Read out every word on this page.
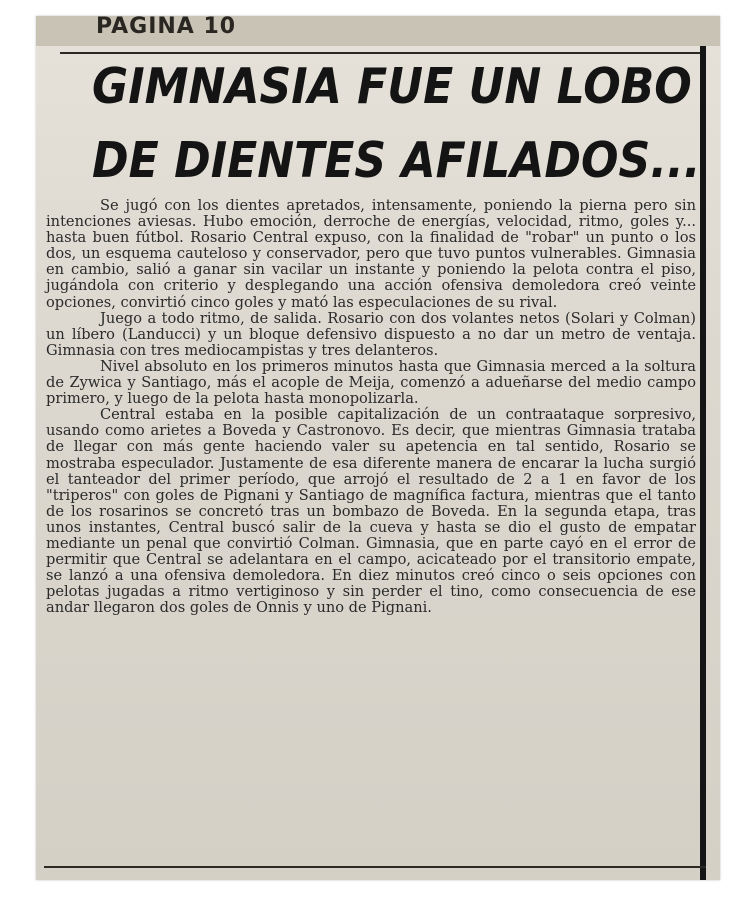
PAGINA 10
GIMNASIA FUE UN LOBO
DE DIENTES AFILADOS...

Se jugó con los dientes apretados, intensamente, poniendo la pierna pero sin intenciones aviesas. Hubo emoción, derroche de energías, velocidad, ritmo, goles y... hasta buen fútbol. Rosario Central expuso, con la finalidad de "robar" un punto o los dos, un esquema cauteloso y conservador, pero que tuvo puntos vulnerables. Gimnasia en cambio, salió a ganar sin vacilar un instante y poniendo la pelota contra el piso, jugándola con criterio y desplegando una acción ofensiva demoledora creó veinte opciones, convirtió cinco goles y mató las especulaciones de su rival.

Juego a todo ritmo, de salida. Rosario con dos volantes netos (Solari y Colman) un líbero (Landucci) y un bloque defensivo dispuesto a no dar un metro de ventaja. Gimnasia con tres mediocampistas y tres delanteros.

Nivel absoluto en los primeros minutos hasta que Gimnasia merced a la soltura de Zywica y Santiago, más el acople de Meija, comenzó a adueñarse del medio campo primero, y luego de la pelota hasta monopolizarla.

Central estaba en la posible capitalización de un contraataque sorpresivo, usando como arietes a Boveda y Castronovo. Es decir, que mientras Gimnasia trataba de llegar con más gente haciendo valer su apetencia en tal sentido, Rosario se mostraba especulador. Justamente de esa diferente manera de encarar la lucha surgió el tanteador del primer período, que arrojó el resultado de 2 a 1 en favor de los "triperos" con goles de Pignani y Santiago de magnífica factura, mientras que el tanto de los rosarinos se concretó tras un bombazo de Boveda. En la segunda etapa, tras unos instantes, Central buscó salir de la cueva y hasta se dio el gusto de empatar mediante un penal que convirtió Colman. Gimnasia, que en parte cayó en el error de permitir que Central se adelantara en el campo, acicateado por el transitorio empate, se lanzó a una ofensiva demoledora. En diez minutos creó cinco o seis opciones con pelotas jugadas a ritmo vertiginoso y sin perder el tino, como consecuencia de ese andar llegaron dos goles de Onnis y uno de Pignani.
